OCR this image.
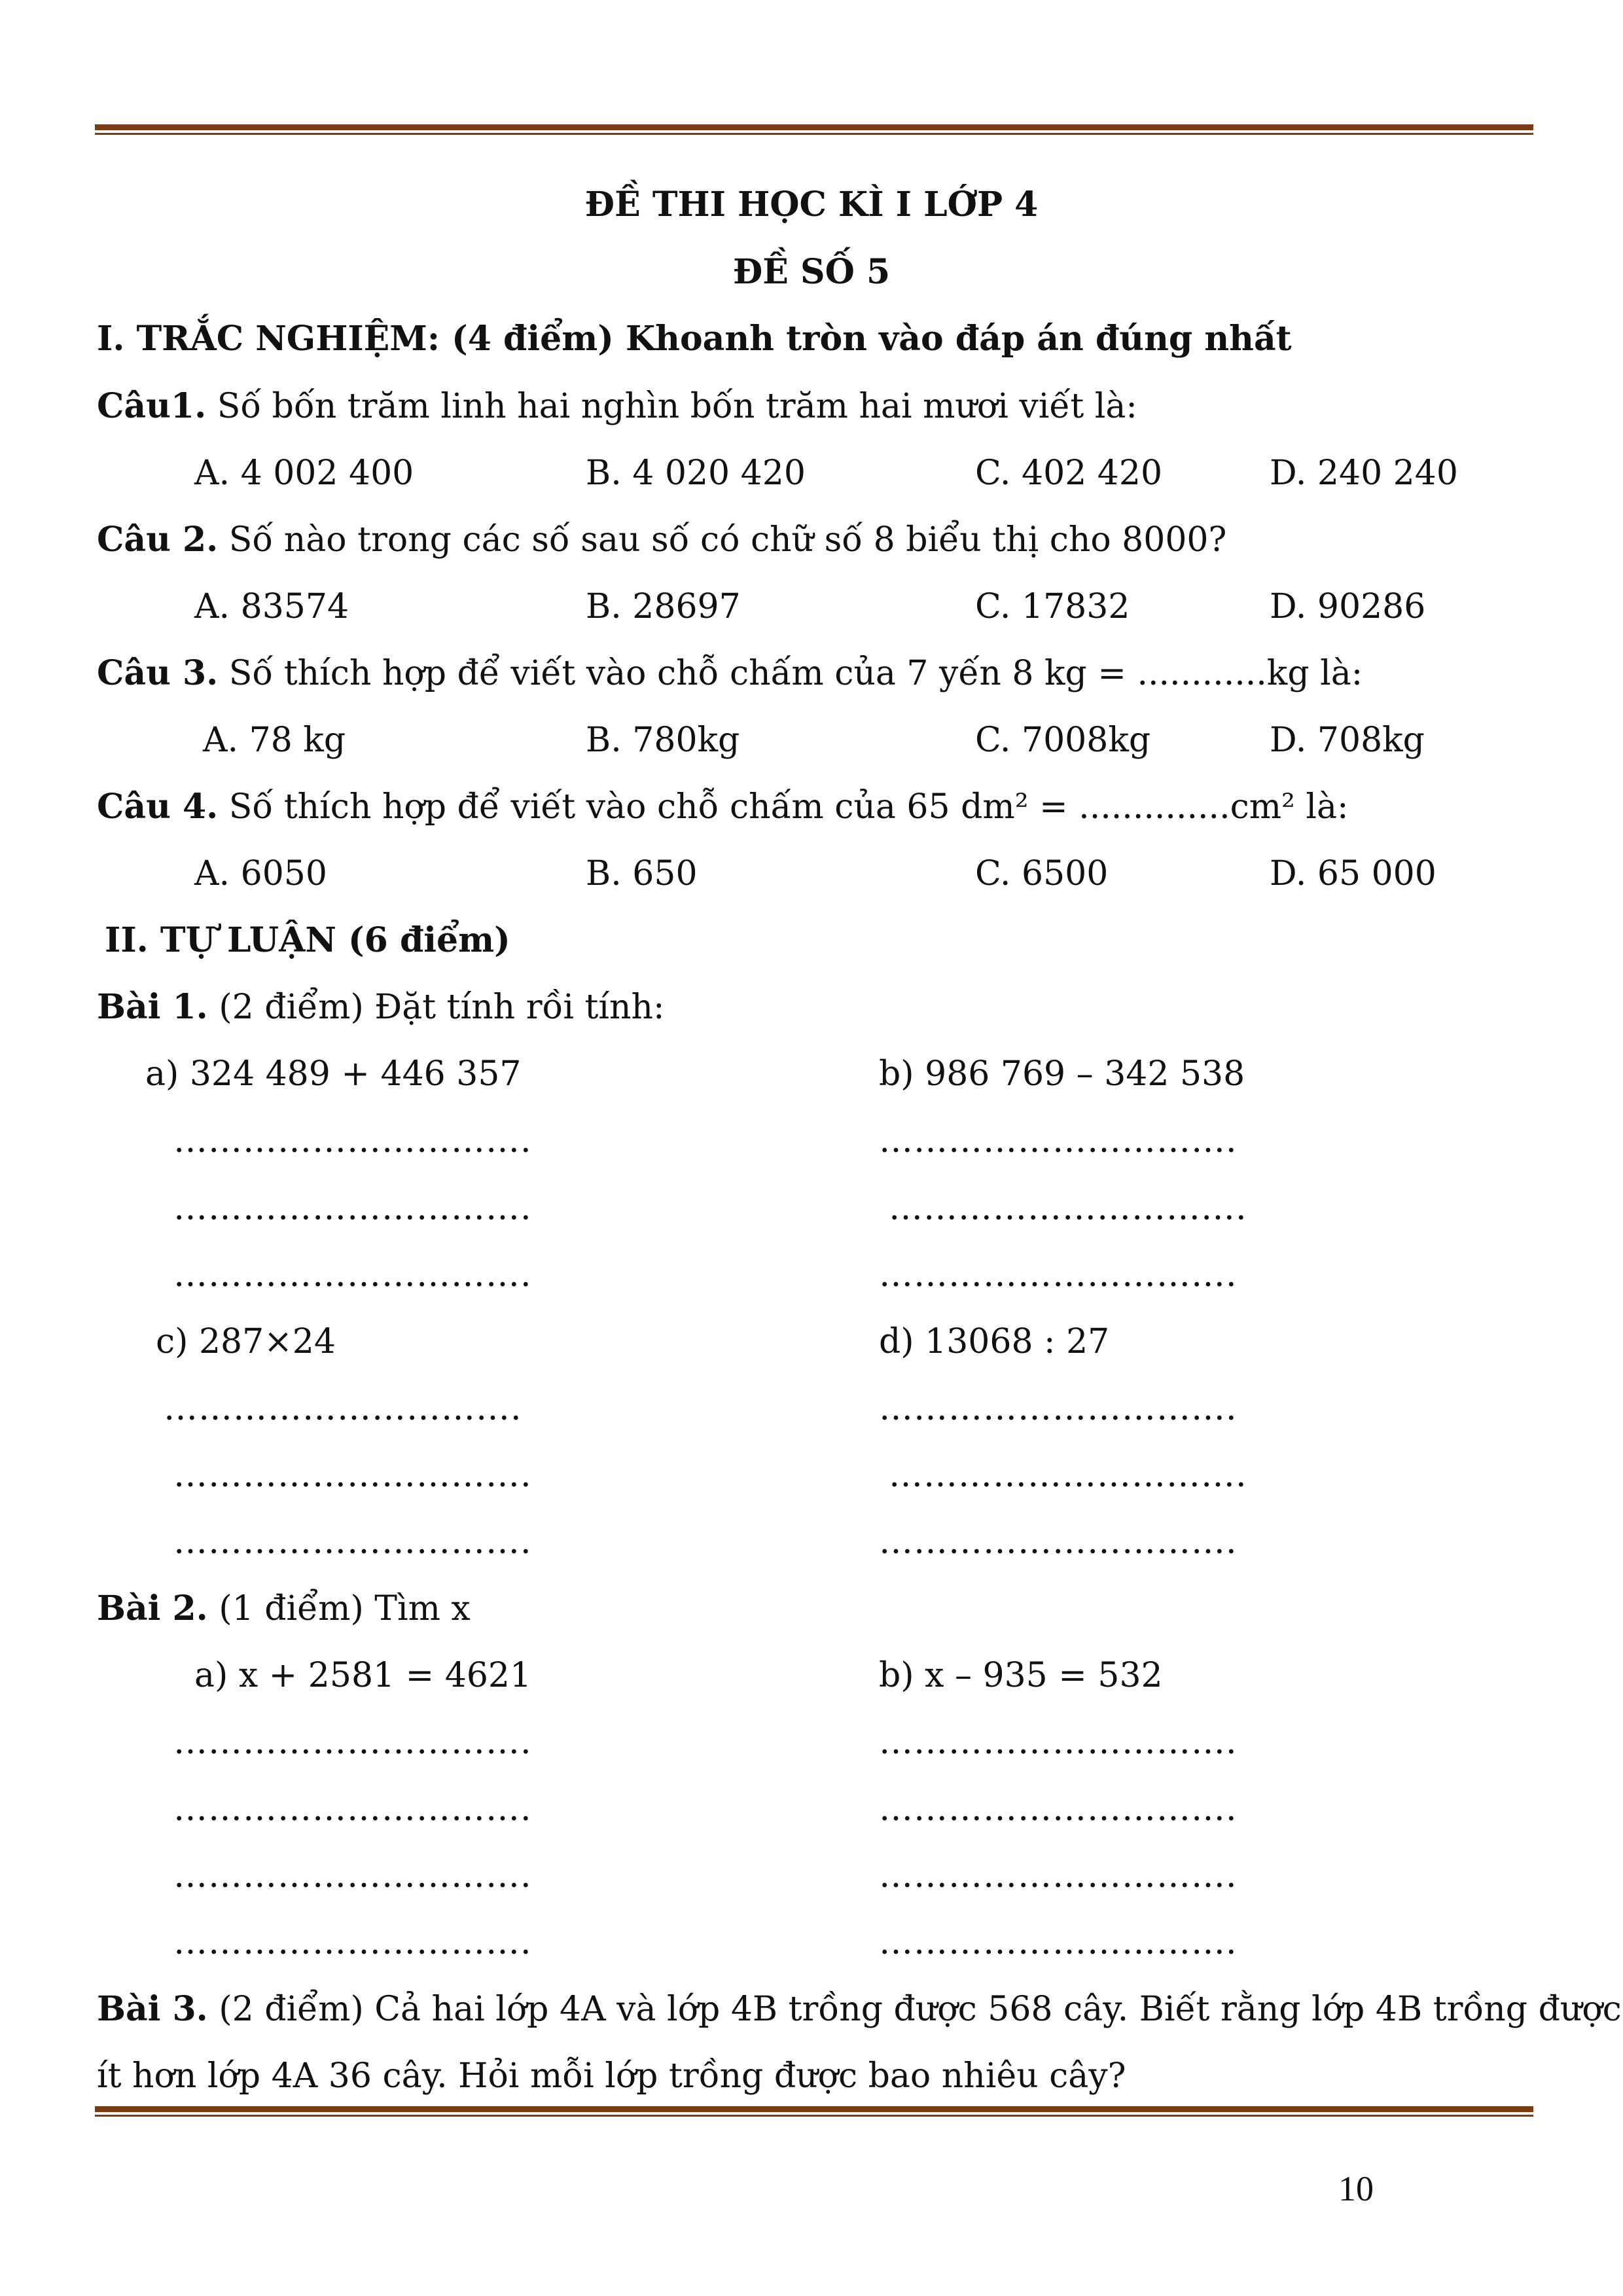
ĐỀ THI HỌC KÌ I LỚP 4
ĐỀ SỐ 5
I. TRẮC NGHIỆM: (4 điểm) Khoanh tròn vào đáp án đúng nhất
Câu1. Số bốn trăm linh hai nghìn bốn trăm hai mươi viết là:
A. 4 002 400	B. 4 020 420	C. 402 420	D. 240 240
Câu 2. Số nào trong các số sau số có chữ số 8 biểu thị cho 8000?
A. 83574	B. 28697	C. 17832	D. 90286
Câu 3. Số thích hợp để viết vào chỗ chấm của 7 yến 8 kg = ............kg là:
A. 78 kg	B. 780kg	C. 7008kg	D. 708kg
Câu 4. Số thích hợp để viết vào chỗ chấm của 65 dm² = ..............cm² là:
A. 6050	B. 650	C. 6500	D. 65 000
II. TỰ LUẬN (6 điểm)
Bài 1. (2 điểm) Đặt tính rồi tính:
a) 324 489 + 446 357	b) 986 769 – 342 538
………………………….
………………………….
………………………….
………………………….
………………………….
………………………….
c) 287×24	d) 13068 : 27
………………………….
………………………….
………………………….
………………………….
………………………….
………………………….
Bài 2. (1 điểm) Tìm x
a) x + 2581 = 4621	b) x – 935 = 532
………………………….
………………………….
………………………….
………………………….
………………………….
………………………….
………………………….
………………………….
Bài 3. (2 điểm) Cả hai lớp 4A và lớp 4B trồng được 568 cây. Biết rằng lớp 4B trồng được
ít hơn lớp 4A 36 cây. Hỏi mỗi lớp trồng được bao nhiêu cây?
10
